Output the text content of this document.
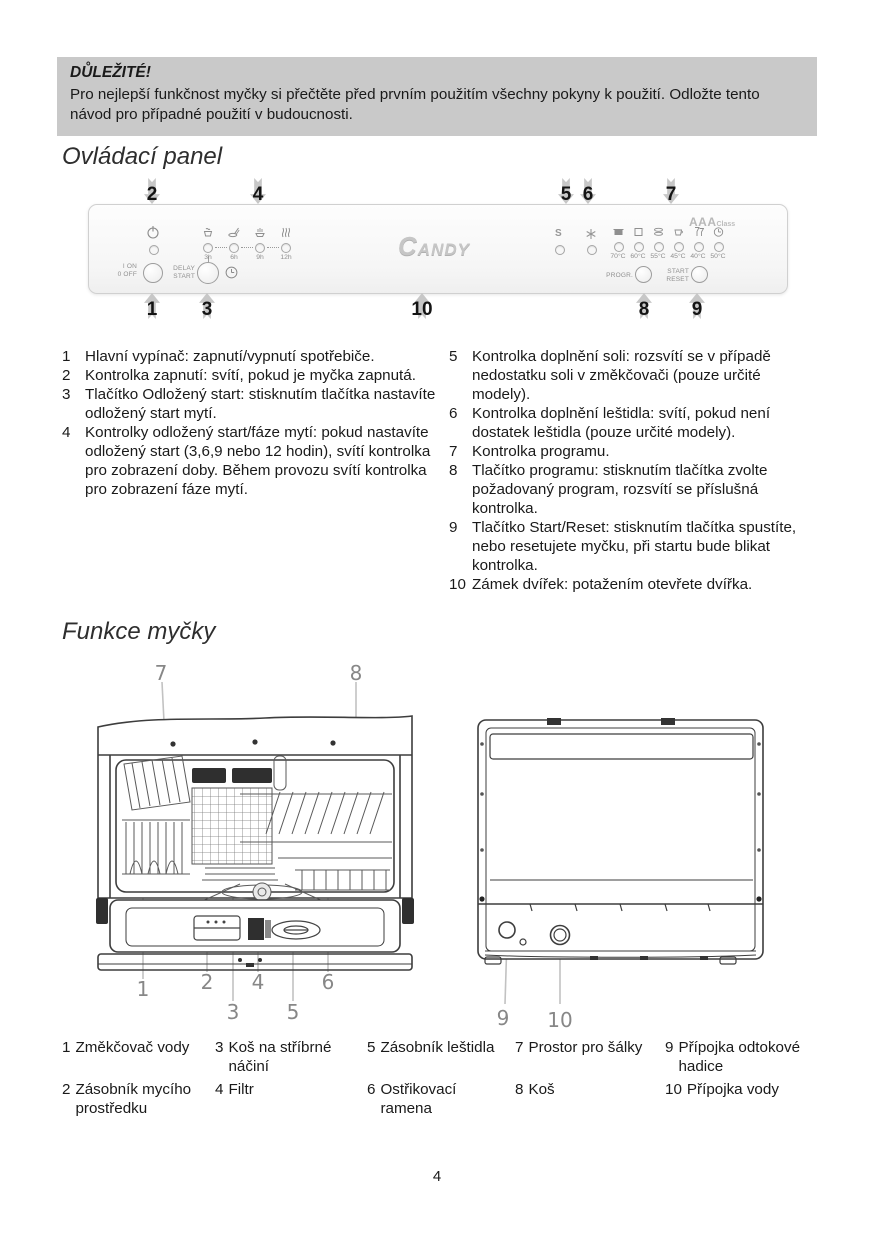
DŮLEŽITÉ!
Pro nejlepší funkčnost myčky si přečtěte před prvním použitím všechny pokyny k použití. Odložte tento návod pro případné použití v budoucnosti.
Ovládací panel
2	4	5 6	7
I ON
0 OFF
DELAY
START
3h	6h	9h	12h	CANDY
S
AAAClass
70°C 60°C 55°C 45°C 40°C 50°C
PROGR.
START
RESET
1	3	10	8	9
1 Hlavní vypínač: zapnutí/vypnutí spotřebiče.
2 Kontrolka zapnutí: svítí, pokud je myčka zapnutá.
3 Tlačítko Odložený start: stisknutím tlačítka nastavíte odložený start mytí.
4 Kontrolky odložený start/fáze mytí: pokud nastavíte odložený start (3,6,9 nebo 12 hodin), svítí kontrolka pro zobrazení doby. Během provozu svítí kontrolka pro zobrazení fáze mytí.
5 Kontrolka doplnění soli: rozsvítí se v případě nedostatku soli v změkčovači (pouze určité modely).
6 Kontrolka doplnění leštidla: svítí, pokud není dostatek leštidla (pouze určité modely).
7 Kontrolka programu.
8 Tlačítko programu: stisknutím tlačítka zvolte požadovaný program, rozsvítí se příslušná kontrolka.
9 Tlačítko Start/Reset: stisknutím tlačítka spustíte, nebo resetujete myčku, při startu bude blikat kontrolka.
10 Zámek dvířek: potažením otevřete dvířka.
Funkce myčky
7	8
1	2
3
4
5
6
9 10
1 Změkčovač vody 3 Koš na stříbrné náčiní
5 Zásobník leštidla 7 Prostor pro šálky 9 Přípojka odtokové hadice
2 Zásobník mycího prostředku
4 Filtr	6 Ostřikovací ramena
8 Koš	10 Přípojka vody
4
